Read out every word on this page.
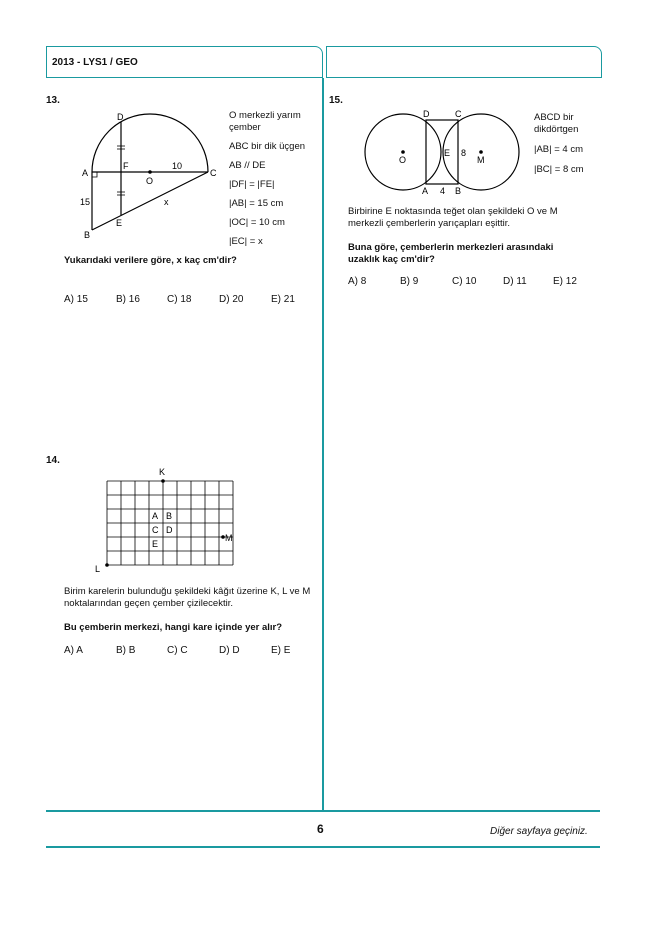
2013 - LYS1 / GEO
13.
D
A
F
O
C
E
B
10
15	x
O merkezli yarım çember
ABC bir dik üçgen
AB // DE
|DF| = |FE|
|AB| = 15 cm
|OC| = 10 cm
|EC| = x
Yukarıdaki verilere göre, x kaç cm'dir?
A) 15	B) 16	C) 18	D) 20	E) 21
14.
K
M
L
A B
C D
E
Birim karelerin bulunduğu şekildeki kâğıt üzerine K, L ve M noktalarından geçen çember çizilecektir.
Bu çemberin merkezi, hangi kare içinde yer alır?
A) A	B) B	C) C	D) D	E) E
15.
D	C
E 8
O	M
A 4 B
ABCD bir dikdörtgen
|AB| = 4 cm
|BC| = 8 cm
Birbirine E noktasında teğet olan şekildeki O ve M merkezli çemberlerin yarıçapları eşittir.
Buna göre, çemberlerin merkezleri arasındaki uzaklık kaç cm'dir?
A) 8	B) 9	C) 10	D) 11	E) 12
6	Diğer sayfaya geçiniz.
